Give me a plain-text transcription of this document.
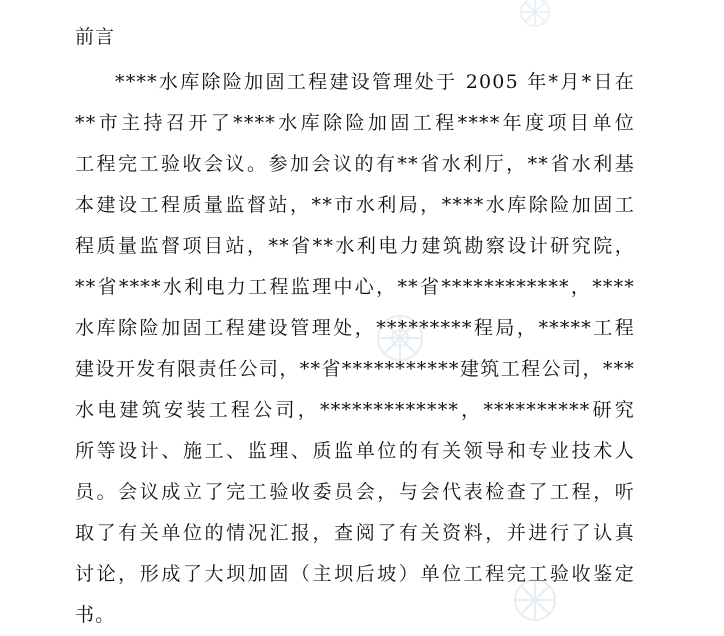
前言
****水库除险加固工程建设管理处于 2005 年*月*日在
**市主持召开了****水库除险加固工程****年度项目单位
工程完工验收会议。参加会议的有**省水利厅，**省水利基
本建设工程质量监督站，**市水利局，****水库除险加固工
程质量监督项目站，**省**水利电力建筑勘察设计研究院，
**省****水利电力工程监理中心，**省************，****
水库除险加固工程建设管理处，*********程局，*****工程
建设开发有限责任公司，**省***********建筑工程公司，***
水电建筑安装工程公司，*************，**********研究
所等设计、施工、监理、质监单位的有关领导和专业技术人
员。会议成立了完工验收委员会，与会代表检查了工程，听
取了有关单位的情况汇报，查阅了有关资料，并进行了认真
讨论，形成了大坝加固（主坝后坡）单位工程完工验收鉴定
书。
